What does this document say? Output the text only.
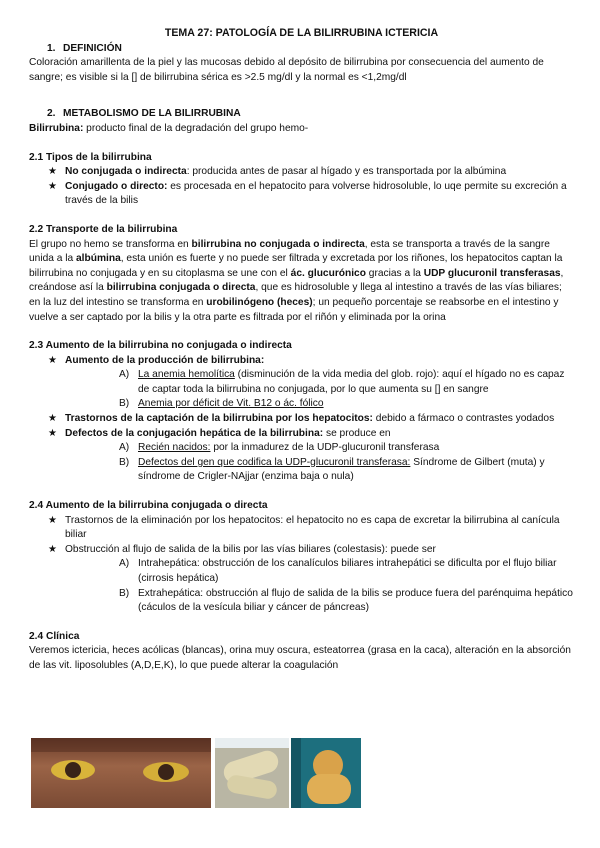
TEMA 27: PATOLOGÍA DE LA BILIRRUBINA ICTERICIA
1. DEFINICIÓN

Coloración amarillenta de la piel y las mucosas debido al depósito de bilirrubina por consecuencia del aumento de sangre; es visible si la [] de bilirrubina sérica es >2.5 mg/dl y la normal es <1,2mg/dl

2. METABOLISMO DE LA BILIRRUBINA

Bilirrubina: producto final de la degradación del grupo hemo-

2.1 Tipos de la bilirrubina
★ No conjugada o indirecta: producida antes de pasar al hígado y es transportada por la albúmina
★ Conjugado o directo: es procesada en el hepatocito para volverse hidrosoluble, lo uqe permite su excreción a través de la bilis
2.2 Transporte de la bilirrubina

El grupo no hemo se transforma en bilirrubina no conjugada o indirecta, esta se transporta a través de la sangre unida a la albúmina, esta unión es fuerte y no puede ser filtrada y excretada por los riñones, los hepatocitos captan la bilirrubina no conjugada y en su citoplasma se une con el ác. glucurónico gracias a la UDP glucuronil transferasas, creándose así la bilirrubina conjugada o directa, que es hidrosoluble y llega al intestino a través de las vías biliares; en la luz del intestino se transforma en urobilinógeno (heces); un pequeño porcentaje se reabsorbe en el intestino y vuelve a ser captado por la bilis y la otra parte es filtrada por el riñón y eliminada por la orina

2.3 Aumento de la bilirrubina no conjugada o indirecta
★ Aumento de la producción de bilirrubina:
A) La anemia hemolítica (disminución de la vida media del glob. rojo): aquí el hígado no es capaz de captar toda la bilirrubina no conjugada, por lo que aumenta su [] en sangre
B) Anemia por déficit de Vit. B12 o ác. fólico
★ Trastornos de la captación de la bilirrubina por los hepatocitos: debido a fármaco o contrastes yodados
★ Defectos de la conjugación hepática de la bilirrubina: se produce en
A) Recién nacidos: por la inmadurez de la UDP-glucuronil transferasa
B) Defectos del gen que codifica la UDP-glucuronil transferasa: Síndrome de Gilbert (muta) y síndrome de Crigler-NAjjar (enzima baja o nula)
2.4 Aumento de la bilirrubina conjugada o directa
★ Trastornos de la eliminación por los hepatocitos: el hepatocito no es capa de excretar la bilirrubina al canícula biliar
★ Obstrucción al flujo de salida de la bilis por las vías biliares (colestasis): puede ser
A) Intrahepática: obstrucción de los canalículos biliares intrahepátici se dificulta por el flujo biliar (cirrosis hepática)
B) Extrahepática: obstrucción al flujo de salida de la bilis se produce fuera del parénquima hepático (cáculos de la vesícula biliar y cáncer de páncreas)
2.4 Clínica

Veremos ictericia, heces acólicas (blancas), orina muy oscura, esteatorrea (grasa en la caca), alteración en la absorción de las vit. liposolubles (A,D,E,K), lo que puede alterar la coagulación
